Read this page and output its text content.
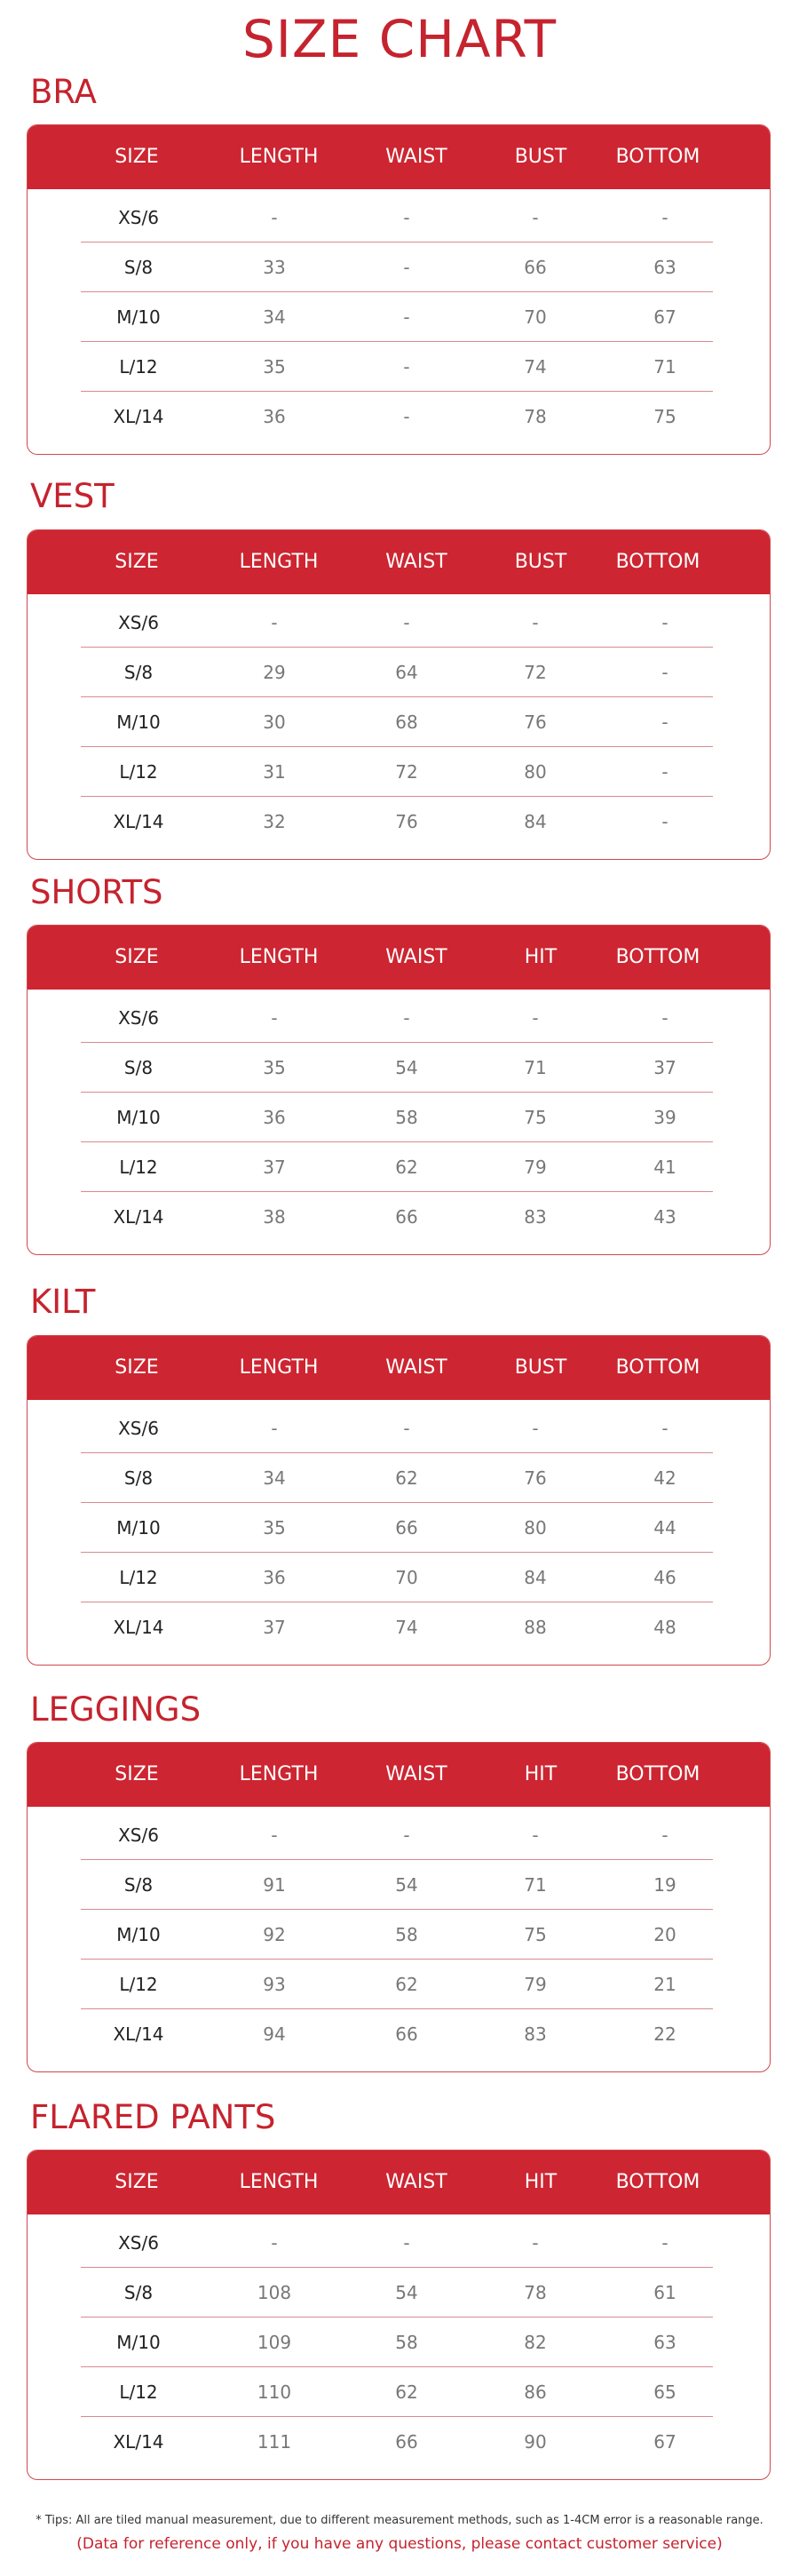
SIZE CHART
BRA
SIZE	LENGTH	WAIST	BUST	BOTTOM
XS/6	-	-	-	-
S/8	33	-	66	63
M/10	34	-	70	67
L/12	35	-	74	71
XL/14	36	-	78	75
VEST
SIZE	LENGTH	WAIST	BUST	BOTTOM
XS/6	-	-	-	-
S/8	29	64	72	-
M/10	30	68	76	-
L/12	31	72	80	-
XL/14	32	76	84	-
SHORTS
SIZE	LENGTH	WAIST	HIT	BOTTOM
XS/6	-	-	-	-
S/8	35	54	71	37
M/10	36	58	75	39
L/12	37	62	79	41
XL/14	38	66	83	43
KILT
SIZE	LENGTH	WAIST	BUST	BOTTOM
XS/6	-	-	-	-
S/8	34	62	76	42
M/10	35	66	80	44
L/12	36	70	84	46
XL/14	37	74	88	48
LEGGINGS
SIZE	LENGTH	WAIST	HIT	BOTTOM
XS/6	-	-	-	-
S/8	91	54	71	19
M/10	92	58	75	20
L/12	93	62	79	21
XL/14	94	66	83	22
FLARED PANTS
SIZE	LENGTH	WAIST	HIT	BOTTOM
XS/6	-	-	-	-
S/8	108	54	78	61
M/10	109	58	82	63
L/12	110	62	86	65
XL/14	111	66	90	67
* Tips: All are tiled manual measurement, due to different measurement methods, such as 1-4CM error is a reasonable range.
(Data for reference only, if you have any questions, please contact customer service)
